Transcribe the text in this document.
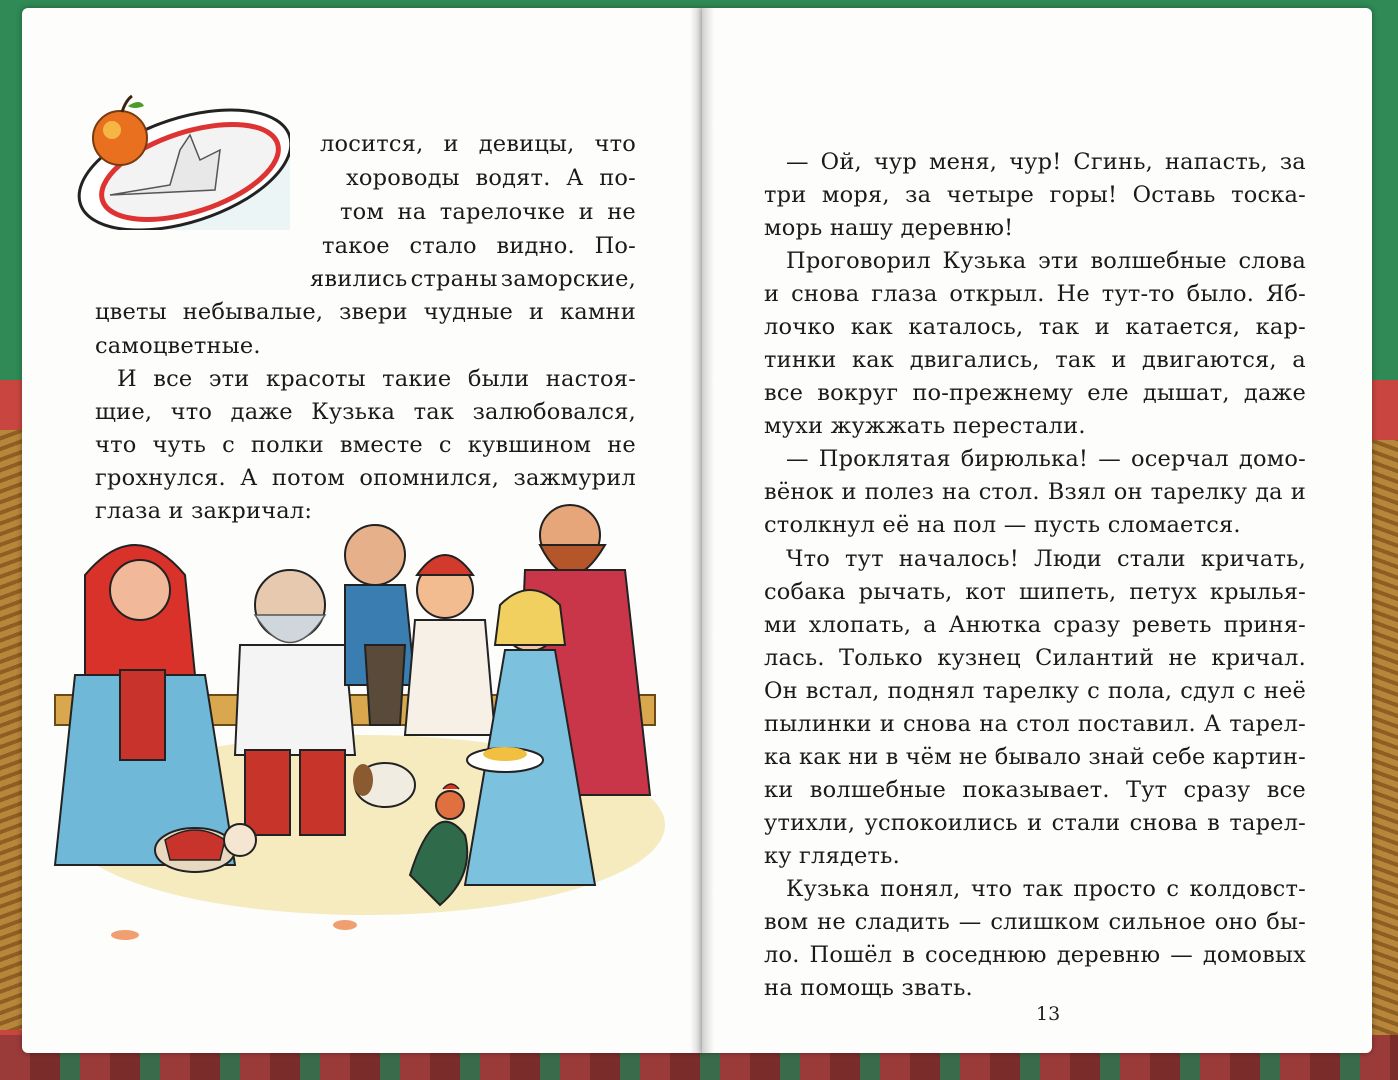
лосится, и девицы, что
хороводы водят. А по-
том на тарелочке и не
такое стало видно. По-
явились страны заморские,
цветы небывалые, звери чудные и камни
самоцветные.
И все эти красоты такие были настоя-
щие, что даже Кузька так залюбовался,
что чуть с полки вместе с кувшином не
грохнулся. А потом опомнился, зажмурил
глаза и закричал:
— Ой, чур меня, чур! Сгинь, напасть, за
три моря, за четыре горы! Оставь тоска-
морь нашу деревню!
Проговорил Кузька эти волшебные слова
и снова глаза открыл. Не тут-то было. Яб-
лочко как каталось, так и катается, кар-
тинки как двигались, так и двигаются, а
все вокруг по-прежнему еле дышат, даже
мухи жужжать перестали.
— Проклятая бирюлька! — осерчал домо-
вёнок и полез на стол. Взял он тарелку да и
столкнул её на пол — пусть сломается.
Что тут началось! Люди стали кричать,
собака рычать, кот шипеть, петух крылья-
ми хлопать, а Анютка сразу реветь приня-
лась. Только кузнец Силантий не кричал.
Он встал, поднял тарелку с пола, сдул с неё
пылинки и снова на стол поставил. А тарел-
ка как ни в чём не бывало знай себе картин-
ки волшебные показывает. Тут сразу все
утихли, успокоились и стали снова в тарел-
ку глядеть.
Кузька понял, что так просто с колдовст-
вом не сладить — слишком сильное оно бы-
ло. Пошёл в соседнюю деревню — домовых
на помощь звать.
13
